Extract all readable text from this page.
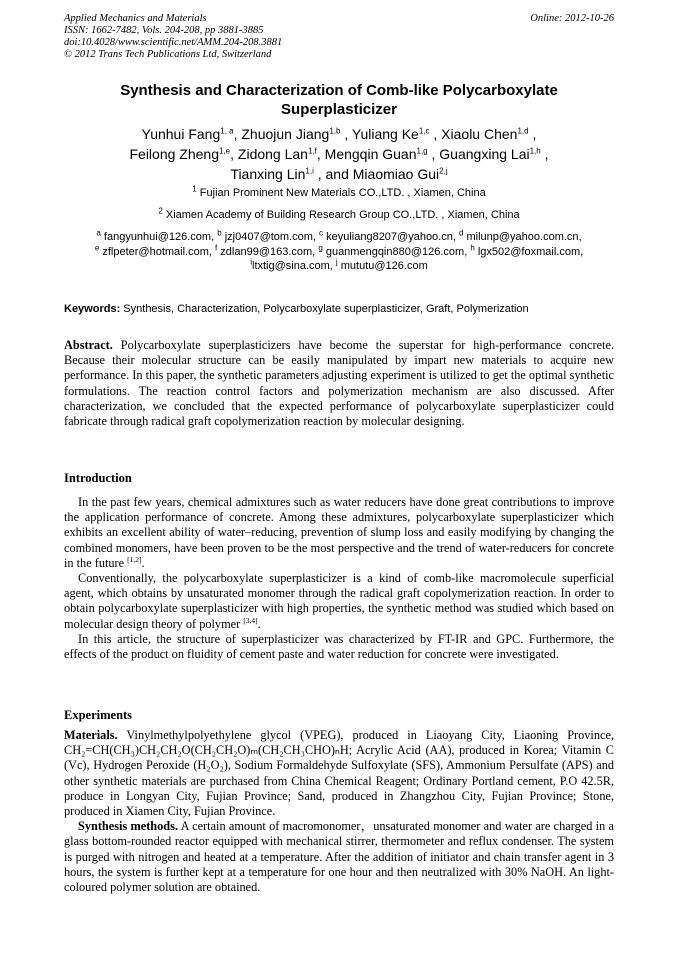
Applied Mechanics and Materials
ISSN: 1662-7482, Vols. 204-208, pp 3881-3885
doi:10.4028/www.scientific.net/AMM.204-208.3881
© 2012 Trans Tech Publications Ltd, Switzerland
Online: 2012-10-26
Synthesis and Characterization of Comb-like Polycarboxylate Superplasticizer
Yunhui Fang$^{1, a}$, Zhuojun Jiang$^{1,b}$ , Yuliang Ke$^{1,c}$ , Xiaolu Chen$^{1,d}$ ,
Feilong Zheng$^{1,e}$, Zidong Lan$^{1,f}$, Mengqin Guan$^{1,g}$ , Guangxing Lai$^{1,h}$ ,
Tianxing Lin$^{1,i}$ , and Miaomiao Gui$^{2,j}$
$^1$ Fujian Prominent New Materials CO.,LTD. , Xiamen, China
$^2$ Xiamen Academy of Building Research Group CO.,LTD. , Xiamen, China
$^a$ fangyunhui@126.com, $^b$ jzj0407@tom.com, $^c$ keyuliang8207@yahoo.cn, $^d$ milunp@yahoo.com.cn,
$^e$ zflpeter@hotmail.com, $^f$ zdlan99@163.com, $^g$ guanmengqin880@126.com, $^h$ lgx502@foxmail.com,
$^i$ltxtig@sina.com, $^j$ mututu@126.com
Keywords: Synthesis, Characterization, Polycarboxylate superplasticizer, Graft, Polymerization

Abstract. Polycarboxylate superplasticizers have become the superstar for high-performance concrete. Because their molecular structure can be easily manipulated by impart new materials to acquire new performance. In this paper, the synthetic parameters adjusting experiment is utilized to get the optimal synthetic formulations. The reaction control factors and polymerization mechanism are also discussed. After characterization, we concluded that the expected performance of polycarboxylate superplasticizer could fabricate through radical graft copolymerization reaction by molecular designing.

Introduction

In the past few years, chemical admixtures such as water reducers have done great contributions to improve the application performance of concrete. Among these admixtures, polycarboxylate superplasticizer which exhibits an excellent ability of water–reducing, prevention of slump loss and easily modifying by changing the combined monomers, have been proven to be the most perspective and the trend of water-reducers for concrete in the future [1,2].

Conventionally, the polycarboxylate superplasticizer is a kind of comb-like macromolecule superficial agent, which obtains by unsaturated monomer through the radical graft copolymerization reaction. In order to obtain polycarboxylate superplasticizer with high properties, the synthetic method was studied which based on molecular design theory of polymer [3,4].

In this article, the structure of superplasticizer was characterized by FT-IR and GPC. Furthermore, the effects of the product on fluidity of cement paste and water reduction for concrete were investigated.

Experiments

Materials. Vinylmethylpolyethylene glycol (VPEG), produced in Liaoyang City, Liaoning Province, CH₂=CH(CH₃)CH₂CH₂O(CH₂CH₂O)ₘ(CH₂CH₃CHO)ₙH; Acrylic Acid (AA), produced in Korea; Vitamin C (Vc), Hydrogen Peroxide (H₂O₂), Sodium Formaldehyde Sulfoxylate (SFS), Ammonium Persulfate (APS) and other synthetic materials are purchased from China Chemical Reagent; Ordinary Portland cement, P.O 42.5R, produce in Longyan City, Fujian Province; Sand, produced in Zhangzhou City, Fujian Province; Stone, produced in Xiamen City, Fujian Province.

Synthesis methods. A certain amount of macromonomer，unsaturated monomer and water are charged in a glass bottom-rounded reactor equipped with mechanical stirrer, thermometer and reflux condenser. The system is purged with nitrogen and heated at a temperature. After the addition of initiator and chain transfer agent in 3 hours, the system is further kept at a temperature for one hour and then neutralized with 30% NaOH. An light-coloured polymer solution are obtained.
